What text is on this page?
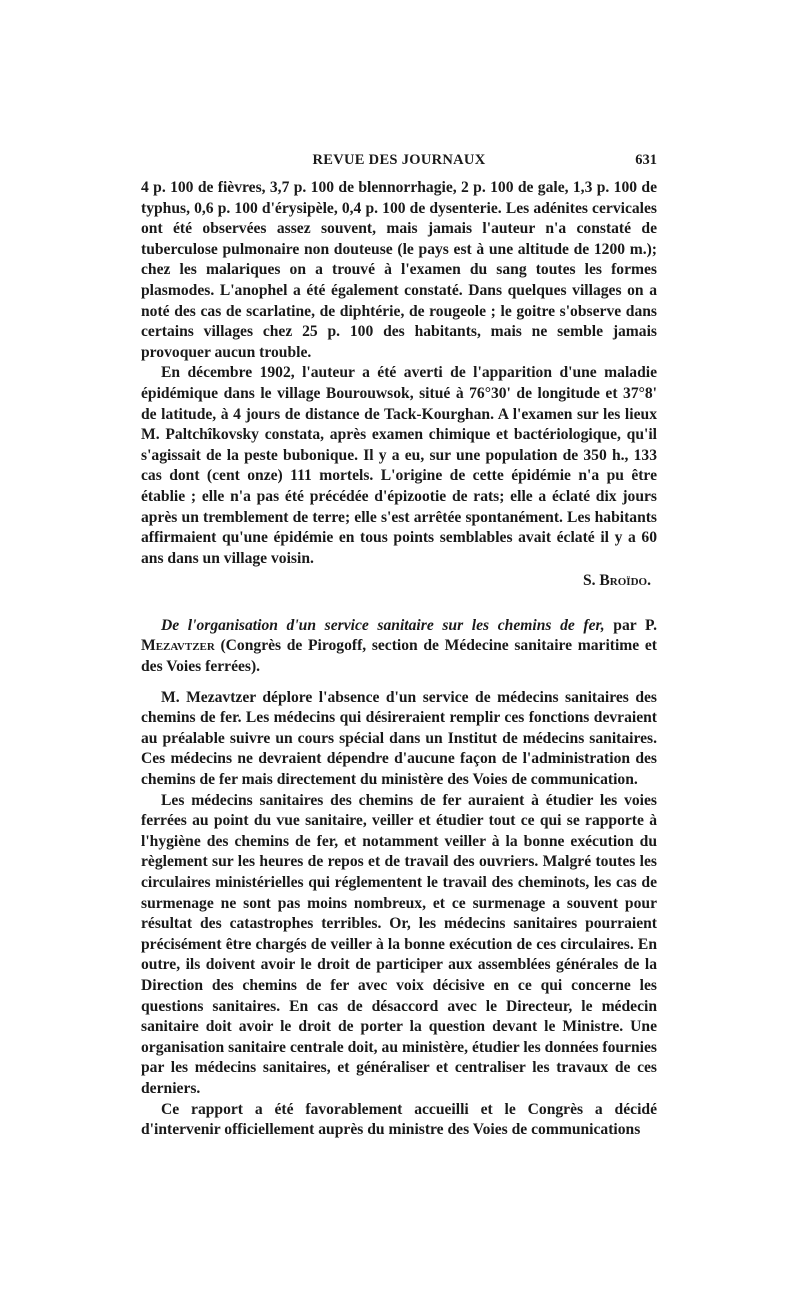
REVUE DES JOURNAUX	631

4 p. 100 de fièvres, 3,7 p. 100 de blennorrhagie, 2 p. 100 de gale, 1,3 p. 100 de typhus, 0,6 p. 100 d'érysipèle, 0,4 p. 100 de dysenterie. Les adénites cervicales ont été observées assez souvent, mais jamais l'auteur n'a constaté de tuberculose pulmonaire non douteuse (le pays est à une altitude de 1200 m.); chez les malariques on a trouvé à l'examen du sang toutes les formes plasmodes. L'anophel a été également constaté. Dans quelques villages on a noté des cas de scarlatine, de diphtérie, de rougeole ; le goitre s'observe dans certains villages chez 25 p. 100 des habitants, mais ne semble jamais provoquer aucun trouble.

En décembre 1902, l'auteur a été averti de l'apparition d'une maladie épidémique dans le village Bourouwsok, situé à 76°30' de longitude et 37°8' de latitude, à 4 jours de distance de Tack-Kourghan. A l'examen sur les lieux M. Paltchîkovsky constata, après examen chimique et bactériologique, qu'il s'agissait de la peste bubonique. Il y a eu, sur une population de 350 h., 133 cas dont (cent onze) 111 mortels. L'origine de cette épidémie n'a pu être établie ; elle n'a pas été précédée d'épizootie de rats; elle a éclaté dix jours après un tremblement de terre; elle s'est arrêtée spontanément. Les habitants affirmaient qu'une épidémie en tous points semblables avait éclaté il y a 60 ans dans un village voisin.

S. Broïdo.

De l'organisation d'un service sanitaire sur les chemins de fer, par P. Mezavtzer (Congrès de Pirogoff, section de Médecine sanitaire maritime et des Voies ferrées).

M. Mezavtzer déplore l'absence d'un service de médecins sanitaires des chemins de fer. Les médecins qui désireraient remplir ces fonctions devraient au préalable suivre un cours spécial dans un Institut de médecins sanitaires. Ces médecins ne devraient dépendre d'aucune façon de l'administration des chemins de fer mais directement du ministère des Voies de communication.

Les médecins sanitaires des chemins de fer auraient à étudier les voies ferrées au point du vue sanitaire, veiller et étudier tout ce qui se rapporte à l'hygiène des chemins de fer, et notamment veiller à la bonne exécution du règlement sur les heures de repos et de travail des ouvriers. Malgré toutes les circulaires ministérielles qui réglementent le travail des cheminots, les cas de surmenage ne sont pas moins nombreux, et ce surmenage a souvent pour résultat des catastrophes terribles. Or, les médecins sanitaires pourraient précisément être chargés de veiller à la bonne exécution de ces circulaires. En outre, ils doivent avoir le droit de participer aux assemblées générales de la Direction des chemins de fer avec voix décisive en ce qui concerne les questions sanitaires. En cas de désaccord avec le Directeur, le médecin sanitaire doit avoir le droit de porter la question devant le Ministre. Une organisation sanitaire centrale doit, au ministère, étudier les données fournies par les médecins sanitaires, et généraliser et centraliser les travaux de ces derniers.

Ce rapport a été favorablement accueilli et le Congrès a décidé d'intervenir officiellement auprès du ministre des Voies de communications
